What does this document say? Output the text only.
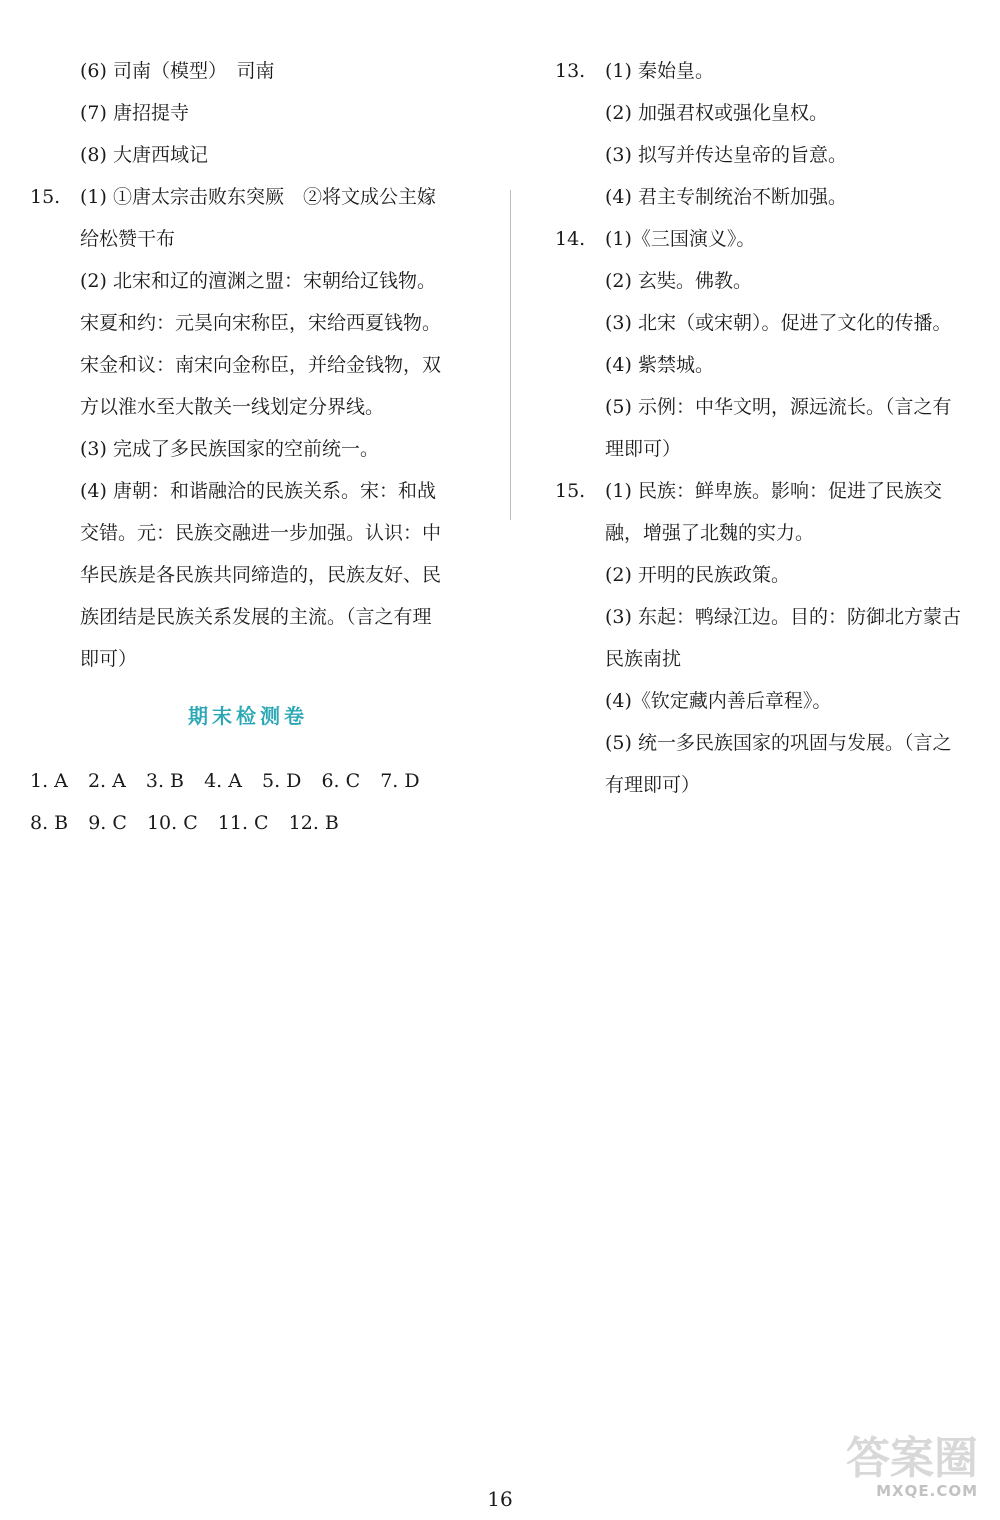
(6) 司南（模型）　司南
(7) 唐招提寺
(8) 大唐西域记
15. (1) ①唐太宗击败东突厥　②将文成公主嫁
给松赞干布
(2) 北宋和辽的澶渊之盟：宋朝给辽钱物。
宋夏和约：元昊向宋称臣，宋给西夏钱物。
宋金和议：南宋向金称臣，并给金钱物，双
方以淮水至大散关一线划定分界线。
(3) 完成了多民族国家的空前统一。
(4) 唐朝：和谐融洽的民族关系。宋：和战
交错。元：民族交融进一步加强。认识：中
华民族是各民族共同缔造的，民族友好、民
族团结是民族关系发展的主流。（言之有理
即可）
期末检测卷
1. A 2. A 3. B 4. A 5. D 6. C 7. D
8. B 9. C 10. C 11. C 12. B
13. (1) 秦始皇。
(2) 加强君权或强化皇权。
(3) 拟写并传达皇帝的旨意。
(4) 君主专制统治不断加强。
14. (1)《三国演义》。
(2) 玄奘。佛教。
(3) 北宋（或宋朝）。促进了文化的传播。
(4) 紫禁城。
(5) 示例：中华文明，源远流长。（言之有
理即可）
15. (1) 民族：鲜卑族。影响：促进了民族交
融，增强了北魏的实力。
(2) 开明的民族政策。
(3) 东起：鸭绿江边。目的：防御北方蒙古
民族南扰
(4)《钦定藏内善后章程》。
(5) 统一多民族国家的巩固与发展。（言之
有理即可）
16
答案圈
MXQE.COM
